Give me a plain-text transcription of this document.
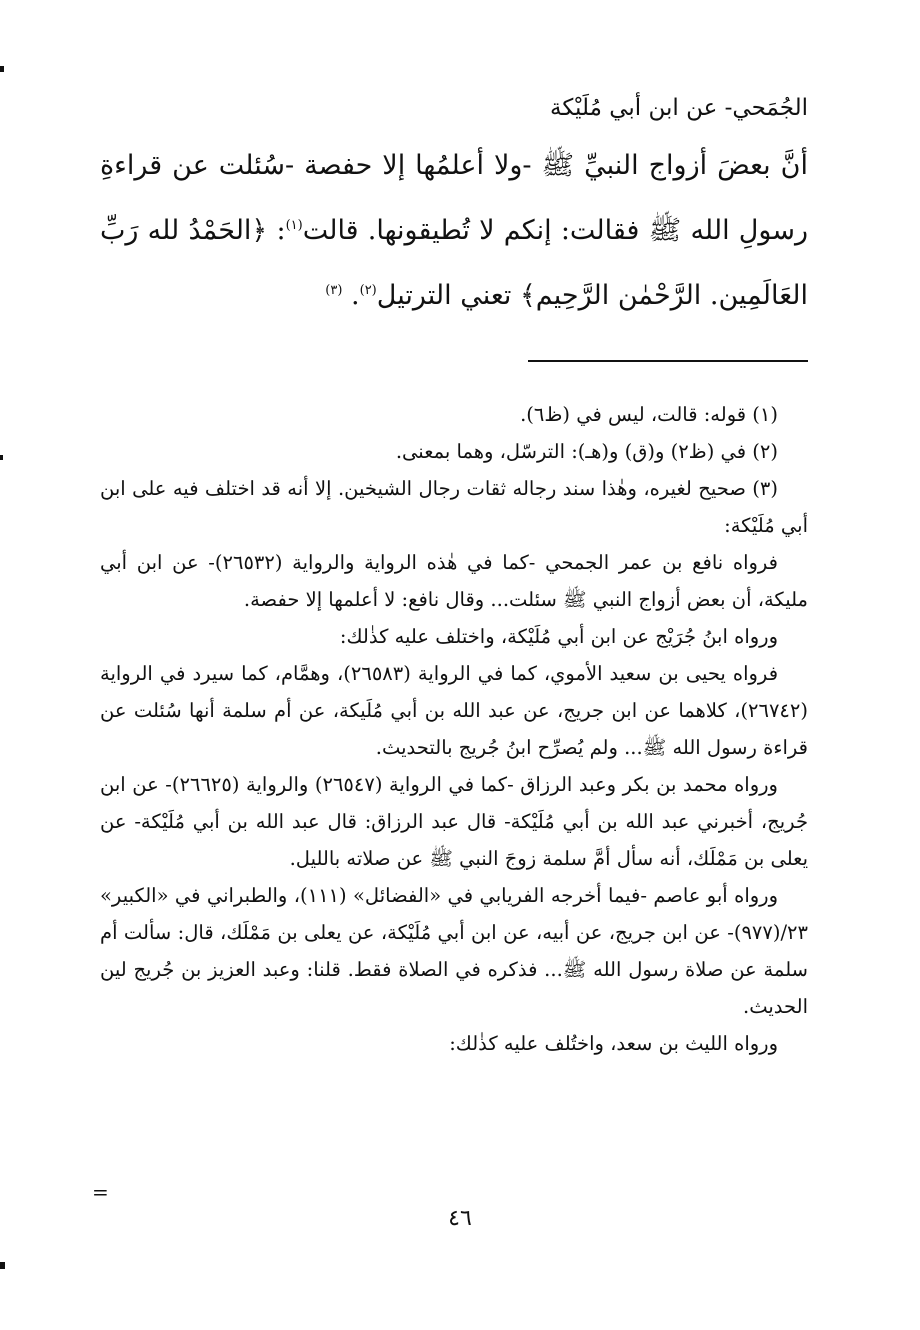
الجُمَحي- عن ابن أبي مُلَيْكة

أنَّ بعضَ أزواج النبيِّ ﷺ -ولا أعلمُها إلا حفصة -سُئلت عن قراءةِ رسولِ الله ﷺ فقالت: إنكم لا تُطيقونها. قالت$^{(١)}$: ﴿الحَمْدُ لله رَبِّ العَالَمِين. الرَّحْمٰن الرَّحِيم﴾ تعني الترتيل$^{(٢)}$. $^{(٣)}$

(١) قوله: قالت، ليس في (ظ٦).

(٢) في (ظ٢) و(ق) و(هـ): الترسّل، وهما بمعنى.

(٣) صحيح لغيره، وهٰذا سند رجاله ثقات رجال الشيخين. إلا أنه قد اختلف فيه على ابن أبي مُلَيْكة:

فرواه نافع بن عمر الجمحي -كما في هٰذه الرواية والرواية (٢٦٥٣٢)- عن ابن أبي مليكة، أن بعض أزواج النبي ﷺ سئلت... وقال نافع: لا أعلمها إلا حفصة.

ورواه ابنُ جُرَيْج عن ابن أبي مُلَيْكة، واختلف عليه كذٰلك:

فرواه يحيى بن سعيد الأموي، كما في الرواية (٢٦٥٨٣)، وهمَّام، كما سيرد في الرواية (٢٦٧٤٢)، كلاهما عن ابن جريج، عن عبد الله بن أبي مُلَيكة، عن أم سلمة أنها سُئلت عن قراءة رسول الله ﷺ... ولم يُصرِّح ابنُ جُريج بالتحديث.

ورواه محمد بن بكر وعبد الرزاق -كما في الرواية (٢٦٥٤٧) والرواية (٢٦٦٢٥)- عن ابن جُريج، أخبرني عبد الله بن أبي مُلَيْكة- قال عبد الرزاق: قال عبد الله بن أبي مُلَيْكة- عن يعلى بن مَمْلَك، أنه سأل أمَّ سلمة زوجَ النبي ﷺ عن صلاته بالليل.

ورواه أبو عاصم -فيما أخرجه الفريابي في «الفضائل» (١١١)، والطبراني في «الكبير» ٢٣/(٩٧٧)- عن ابن جريج، عن أبيه، عن ابن أبي مُلَيْكة، عن يعلى بن مَمْلَك، قال: سألت أم سلمة عن صلاة رسول الله ﷺ... فذكره في الصلاة فقط. قلنا: وعبد العزيز بن جُريج لين الحديث.

ورواه الليث بن سعد، واختُلف عليه كذٰلك:

=
٤٦
